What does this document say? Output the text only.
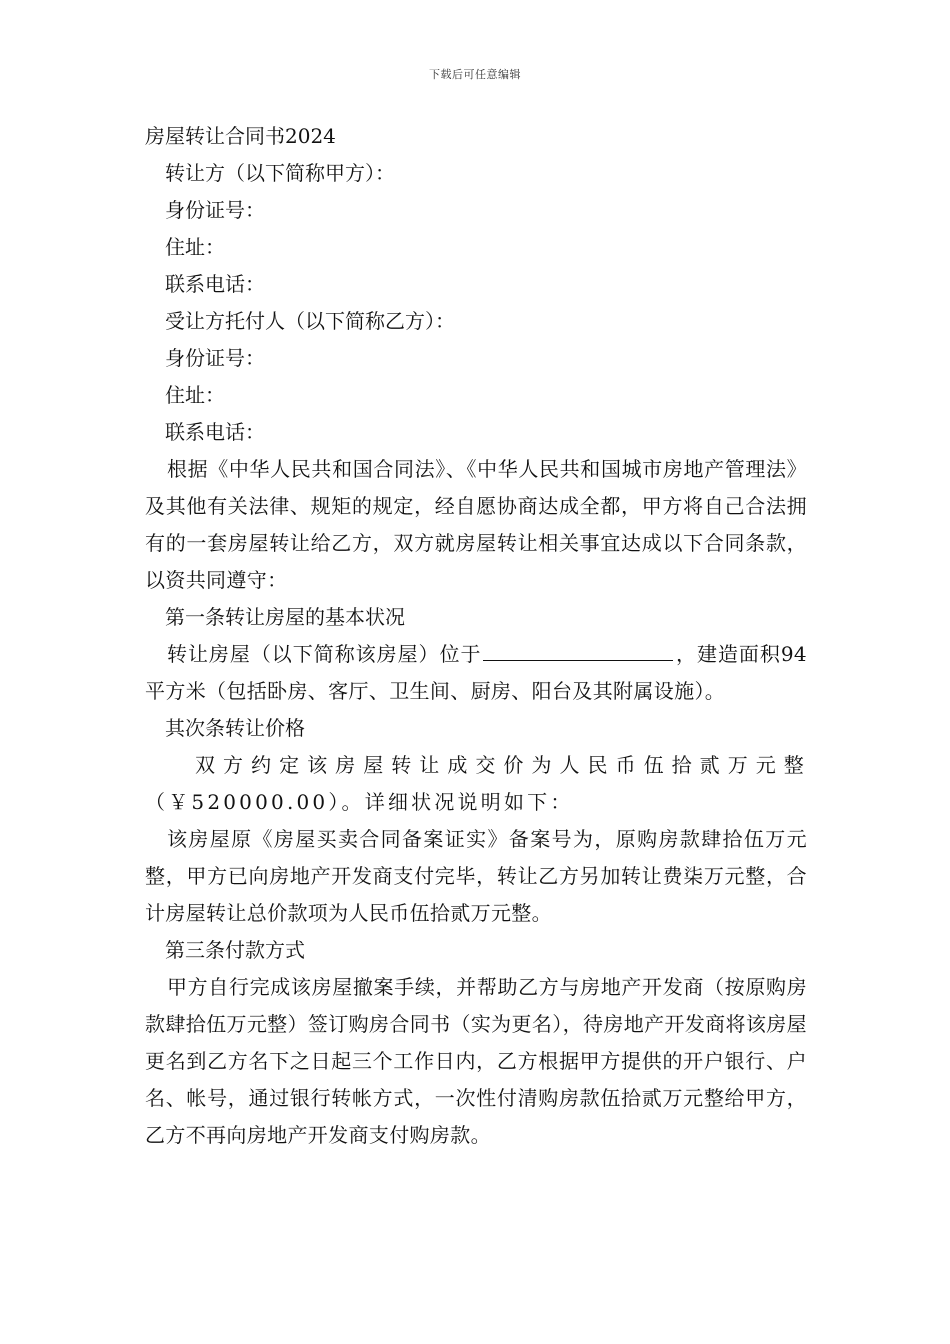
下载后可任意编辑
房屋转让合同书2024

转让方（以下简称甲方）：

身份证号：

住址：

联系电话：

受让方托付人（以下简称乙方）：

身份证号：

住址：

联系电话：

根据《中华人民共和国合同法》、《中华人民共和国城市房地产管理法》及其他有关法律、规矩的规定，经自愿协商达成全都，甲方将自己合法拥有的一套房屋转让给乙方，双方就房屋转让相关事宜达成以下合同条款，以资共同遵守：

第一条转让房屋的基本状况

转让房屋（以下简称该房屋）位于	，建造面积94平方米（包括卧房、客厅、卫生间、厨房、阳台及其附属设施）。

其次条转让价格

双方约定该房屋转让成交价为人民币伍拾贰万元整（￥520000.00）。详细状况说明如下：

该房屋原《房屋买卖合同备案证实》备案号为，原购房款肆拾伍万元整，甲方已向房地产开发商支付完毕，转让乙方另加转让费柒万元整，合计房屋转让总价款项为人民币伍拾贰万元整。

第三条付款方式

甲方自行完成该房屋撤案手续，并帮助乙方与房地产开发商（按原购房款肆拾伍万元整）签订购房合同书（实为更名），待房地产开发商将该房屋更名到乙方名下之日起三个工作日内，乙方根据甲方提供的开户银行、户名、帐号，通过银行转帐方式，一次性付清购房款伍拾贰万元整给甲方，乙方不再向房地产开发商支付购房款。
